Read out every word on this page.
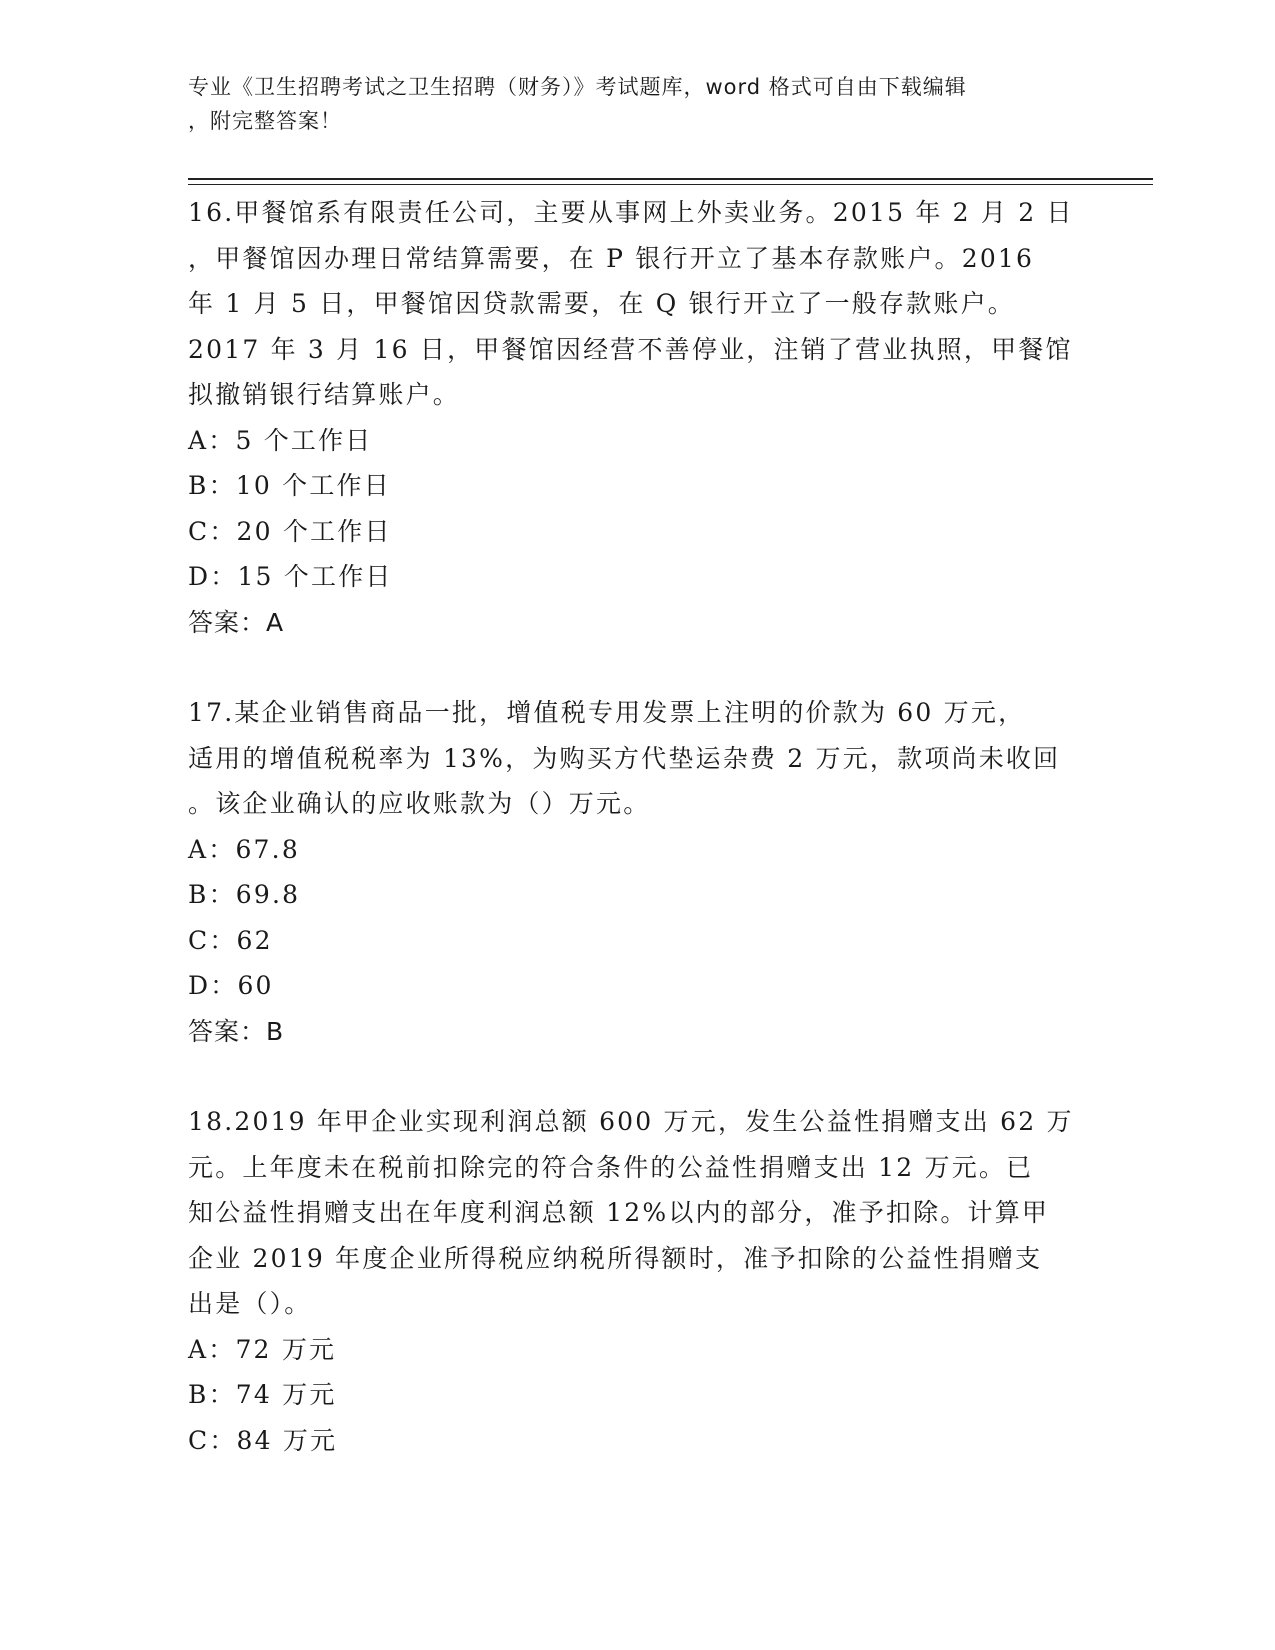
专业《卫生招聘考试之卫生招聘（财务）》考试题库，word 格式可自由下载编辑
，附完整答案！
16.甲餐馆系有限责任公司，主要从事网上外卖业务。2015 年 2 月 2 日
，甲餐馆因办理日常结算需要，在 P 银行开立了基本存款账户。2016
年 1 月 5 日，甲餐馆因贷款需要，在 Q 银行开立了一般存款账户。
2017 年 3 月 16 日，甲餐馆因经营不善停业，注销了营业执照，甲餐馆
拟撤销银行结算账户。
A：5 个工作日
B：10 个工作日
C：20 个工作日
D：15 个工作日
答案：A
17.某企业销售商品一批，增值税专用发票上注明的价款为 60 万元，
适用的增值税税率为 13%，为购买方代垫运杂费 2 万元，款项尚未收回
。该企业确认的应收账款为（）万元。
A：67.8
B：69.8
C：62
D：60
答案：B
18.2019 年甲企业实现利润总额 600 万元，发生公益性捐赠支出 62 万
元。上年度未在税前扣除完的符合条件的公益性捐赠支出 12 万元。已
知公益性捐赠支出在年度利润总额 12%以内的部分，准予扣除。计算甲
企业 2019 年度企业所得税应纳税所得额时，准予扣除的公益性捐赠支
出是（）。
A：72 万元
B：74 万元
C：84 万元
